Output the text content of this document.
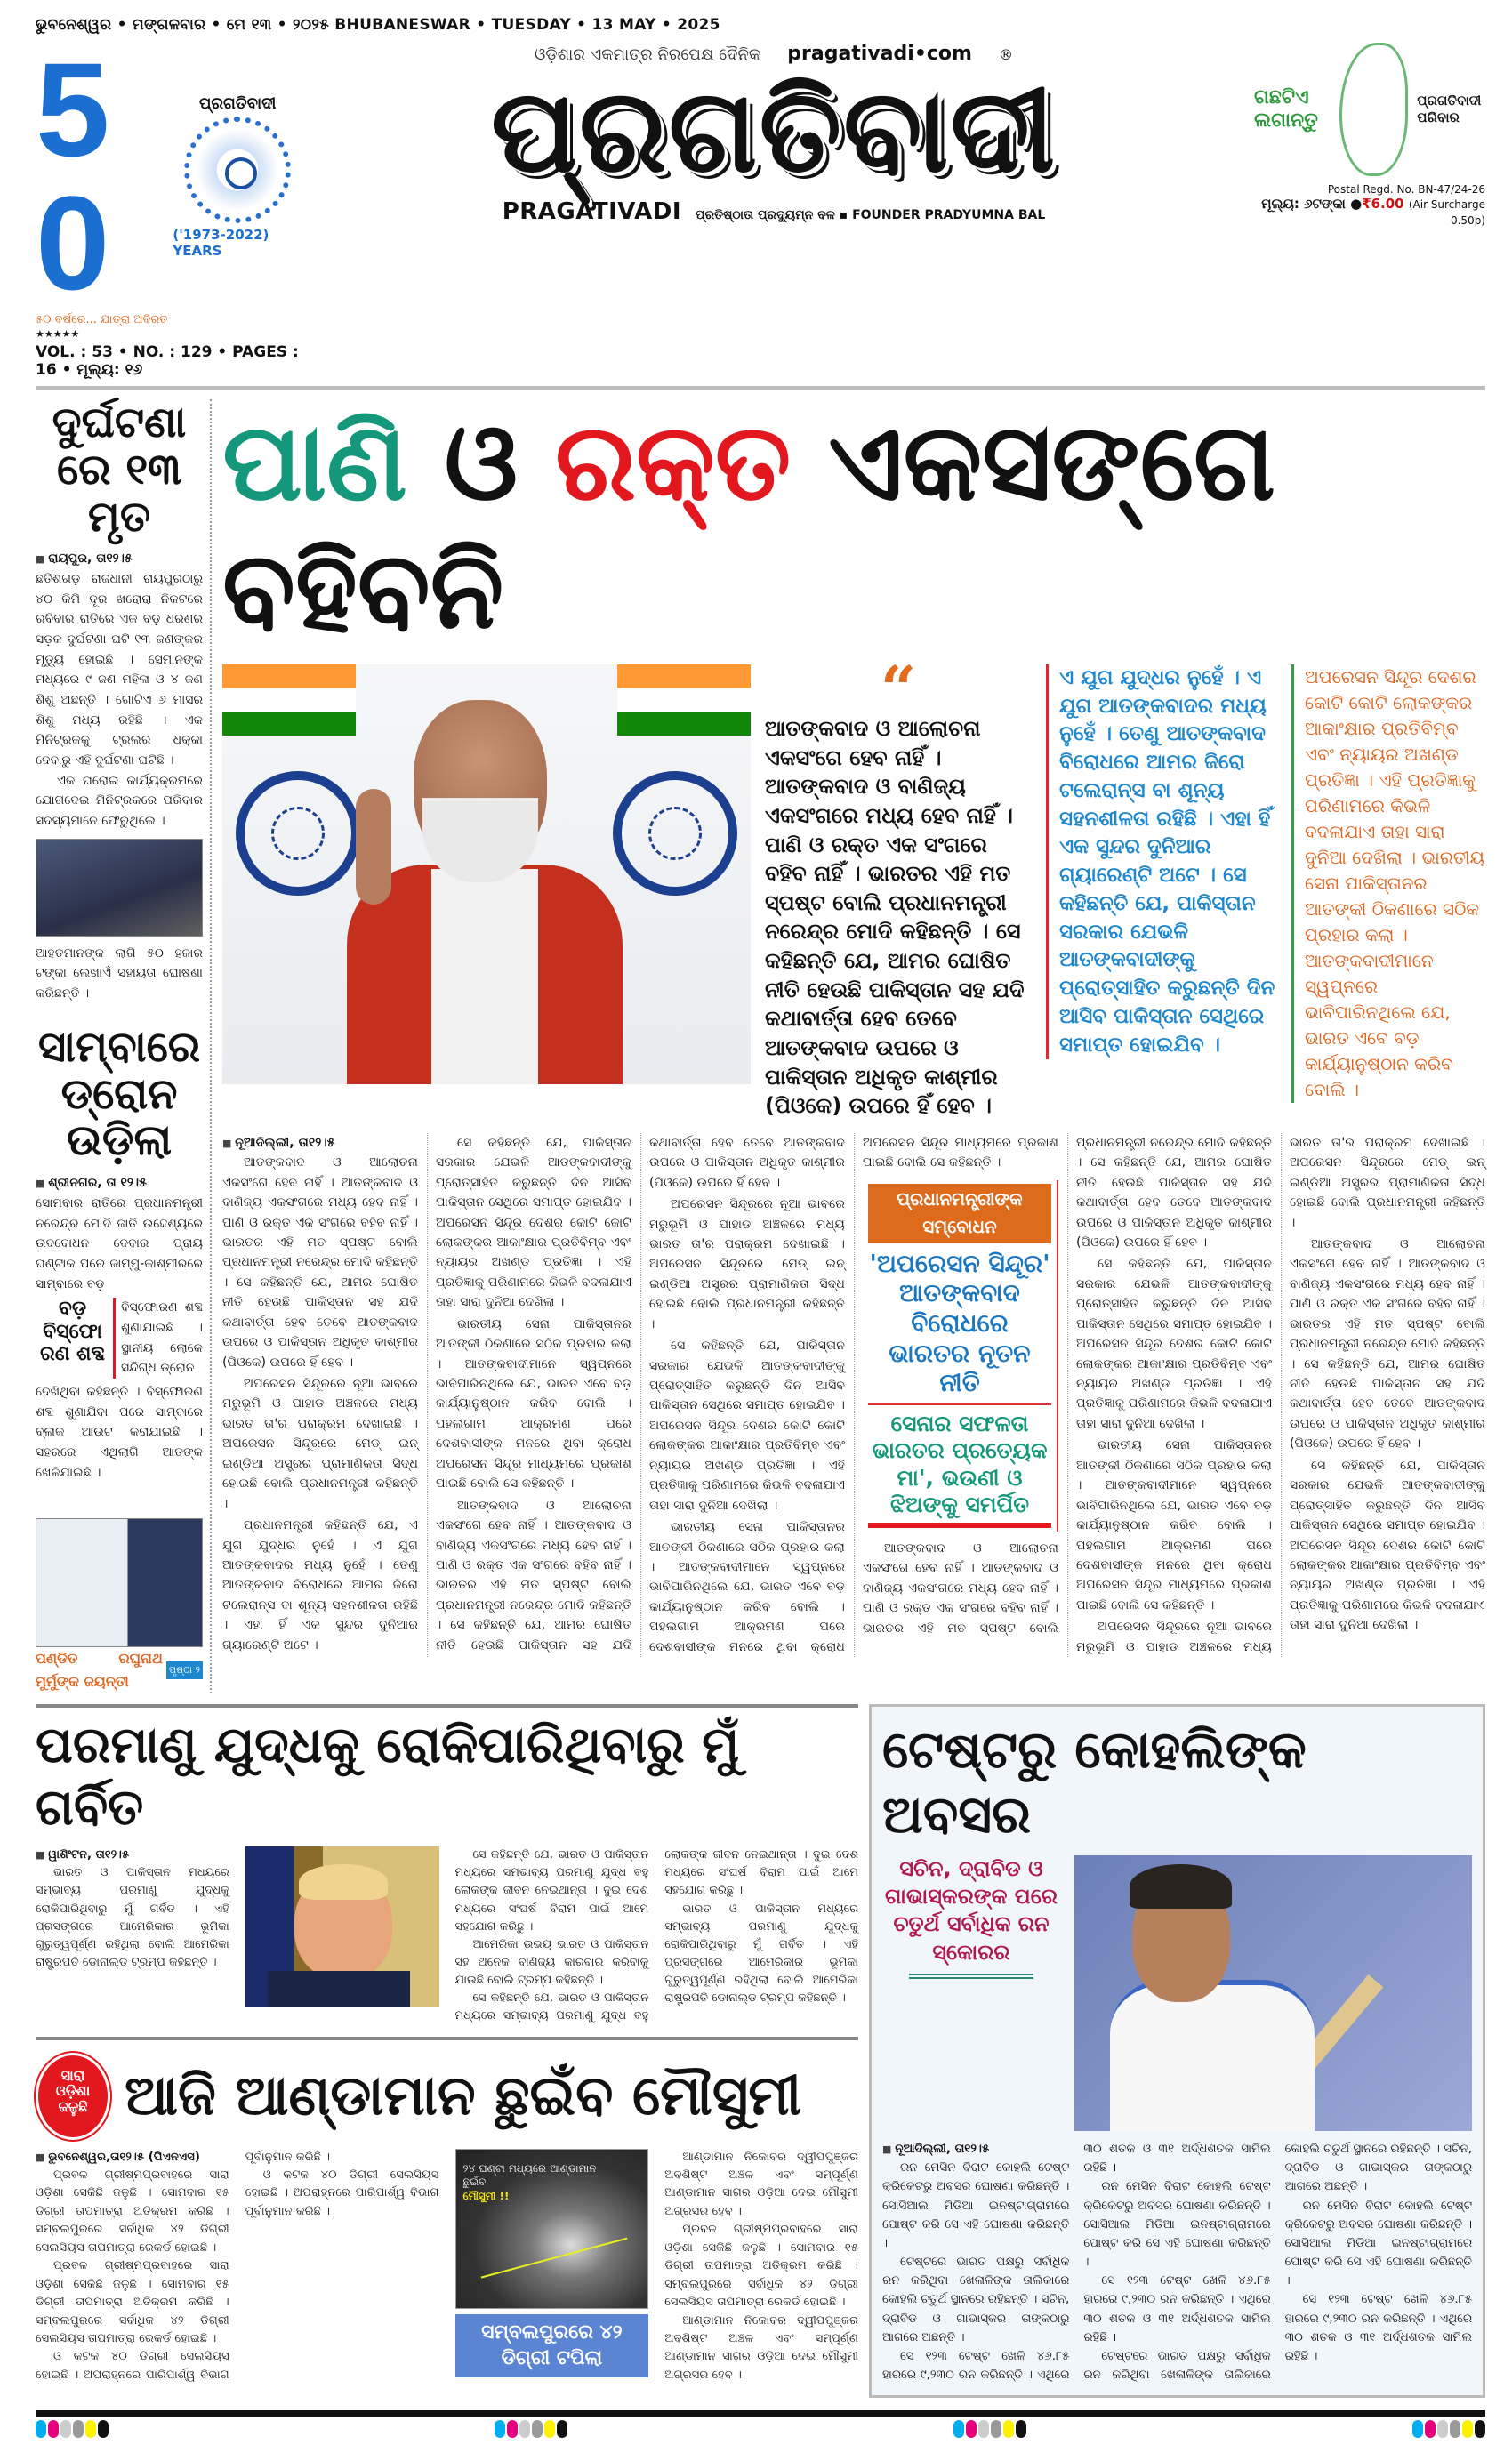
ଭୁବନେଶ୍ୱର • ମଙ୍ଗଳବାର • ମେ ୧୩ • ୨୦୨୫ BHUBANESWAR • TUESDAY • 13 MAY • 2025
50
ପ୍ରଗତିବାଦୀ
('1973-2022) YEARS
୫୦ ବର୍ଷରେ... ଯାତ୍ରା ଅବିରତ
★★★★★
VOL. : 53 • NO. : 129 • PAGES : 16 • ମୂଲ୍ୟ: ୧୬
ଓଡ଼ିଶାର ଏକମାତ୍ର ନିରପେକ୍ଷ ଦୈନିକ pragativadi•com ®
ପ୍ରଗତିବାଦୀ
PRAGATIVADI ପ୍ରତିଷ୍ଠାତା ପ୍ରଦ୍ୟୁମ୍ନ ବଳ ▪ FOUNDER PRADYUMNA BAL
ଗଛଟିଏ ଲଗାନ୍ତୁ
ପ୍ରଗତିବାଦୀ ପରିବାର
Postal Regd. No. BN-47/24-26
ମୂଲ୍ୟ: ୬ଟଙ୍କା ●₹6.00 (Air Surcharge 0.50p)
ଦୁର୍ଘଟଣାରେ ୧୩ ମୃତ
■ ରାୟପୁର, ତା୧୨।୫

ଛତିଶଗଡ଼ ରାଜଧାନୀ ରାୟପୁରଠାରୁ ୪୦ କିମି ଦୂର ଖରୋରା ନିକଟରେ ରବିବାର ରାତିରେ ଏକ ବଡ଼ ଧରଣର ସଡ଼କ ଦୁର୍ଘଟଣା ଘଟି ୧୩ ଜଣଙ୍କର ମୃତ୍ୟୁ ହୋଇଛି । ସେମାନଙ୍କ ମଧ୍ୟରେ ୯ ଜଣ ମହିଳା ଓ ୪ ଜଣ ଶିଶୁ ଅଛନ୍ତି । ଗୋଟିଏ ୬ ମାସର ଶିଶୁ ମଧ୍ୟ ରହିଛି । ଏକ ମିନିଟ୍ରକକୁ ଟ୍ରଲର ଧକ୍କା ଦେବାରୁ ଏହି ଦୁର୍ଘଟଣା ଘଟିଛି ।

ଏକ ଘରୋଇ କାର୍ଯ୍ୟକ୍ରମରେ ଯୋଗଦେଇ ମିନିଟ୍ରକରେ ପରିବାର ସଦସ୍ୟମାନେ ଫେରୁଥିଲେ ।

ଆହତମାନଙ୍କ ଲାଗି ୫୦ ହଜାର ଟଙ୍କା ଲେଖାଏଁ ସହାୟତା ଘୋଷଣା କରିଛନ୍ତି ।

ସାମ୍ବାରେ ଡ୍ରୋନ ଉଡ଼ିଲା
■ ଶ୍ରୀନଗର, ତା ୧୨।୫

ସୋମବାର ରାତିରେ ପ୍ରଧାନମନ୍ତ୍ରୀ ନରେନ୍ଦ୍ର ମୋଦି ଜାତି ଉଦ୍ଦେଶ୍ୟରେ ଉଦବୋଧନ ଦେବାର ପ୍ରାୟ ଘଣ୍ଟାକ ପରେ ଜାମ୍ମୁ-କାଶ୍ମୀରରେ ସାମ୍ବାରେ ବଡ଼

ବଡ଼ ବିସ୍ଫୋରଣ ଶବ୍ଦ
ବିସ୍ଫୋରଣ ଶବ୍ଦ ଶୁଣାଯାଇଛି । ସ୍ଥାନୀୟ ଲୋକେ ସନ୍ଦିଗ୍ଧ ଡ୍ରୋନ

ଦେଖିଥିବା କହିଛନ୍ତି । ବିସ୍ଫୋରଣ ଶବ୍ଦ ଶୁଣାଯିବା ପରେ ସାମ୍ବାରେ ବ୍ଲାକ ଆଉଟ କରାଯାଇଛି । ସହରରେ ଏଥିଲାଗି ଆତଙ୍କ ଖେଳିଯାଇଛି ।

ପଣ୍ଡିତ ରଘୁନାଥ ମୁର୍ମୁଙ୍କ ଜୟନ୍ତୀ
ପୃଷ୍ଠା ୨
ପାଣି ଓ ରକ୍ତ ଏକସଙ୍ଗେ ବହିବନି
“
ଆତଙ୍କବାଦ ଓ ଆଲୋଚନା ଏକସଂଗେ ହେବ ନାହିଁ । ଆତଙ୍କବାଦ ଓ ବାଣିଜ୍ୟ ଏକସଂଗରେ ମଧ୍ୟ ହେବ ନାହିଁ । ପାଣି ଓ ରକ୍ତ ଏକ ସଂଗରେ ବହିବ ନାହିଁ । ଭାରତର ଏହି ମତ ସ୍ପଷ୍ଟ ବୋଲି ପ୍ରଧାନମନ୍ତ୍ରୀ ନରେନ୍ଦ୍ର ମୋଦି କହିଛନ୍ତି । ସେ କହିଛନ୍ତି ଯେ, ଆମର ଘୋଷିତ ନୀତି ହେଉଛି ପାକିସ୍ତାନ ସହ ଯଦି କଥାବାର୍ତ୍ତା ହେବ ତେବେ ଆତଙ୍କବାଦ ଉପରେ ଓ ପାକିସ୍ତାନ ଅଧିକୃତ କାଶ୍ମୀର (ପିଓକେ) ଉପରେ ହିଁ ହେବ ।
ଏ ଯୁଗ ଯୁଦ୍ଧର ନୁହେଁ । ଏ ଯୁଗ ଆତଙ୍କବାଦର ମଧ୍ୟ ନୁହେଁ । ତେଣୁ ଆତଙ୍କବାଦ ବିରୋଧରେ ଆମର ଜିରୋ ଟଲେରାନ୍ସ ବା ଶୂନ୍ୟ ସହନଶୀଳତା ରହିଛି । ଏହା ହିଁ ଏକ ସୁନ୍ଦର ଦୁନିଆର ଗ୍ୟାରେଣ୍ଟି ଅଟେ । ସେ କହିଛନ୍ତି ଯେ, ପାକିସ୍ତାନ ସରକାର ଯେଭଳି ଆତଙ୍କବାଦୀଙ୍କୁ ପ୍ରୋତ୍ସାହିତ କରୁଛନ୍ତି ଦିନ ଆସିବ ପାକିସ୍ତାନ ସେଥିରେ ସମାପ୍ତ ହୋଇଯିବ ।
ଅପରେସନ ସିନ୍ଦୂର ଦେଶର କୋଟି କୋଟି ଲୋକଙ୍କର ଆକାଂକ୍ଷାର ପ୍ରତିବିମ୍ବ ଏବଂ ନ୍ୟାୟର ଅଖଣ୍ଡ ପ୍ରତିଜ୍ଞା । ଏହି ପ୍ରତିଜ୍ଞାକୁ ପରିଣାମରେ କିଭଳି ବଦଳାଯାଏ ତାହା ସାରା ଦୁନିଆ ଦେଖିଲା । ଭାରତୀୟ ସେନା ପାକିସ୍ତାନର ଆତଙ୍କୀ ଠିକଣାରେ ସଠିକ ପ୍ରହାର କଲା । ଆତଙ୍କବାଦୀମାନେ ସ୍ୱପ୍ନରେ ଭାବିପାରିନଥିଲେ ଯେ, ଭାରତ ଏବେ ବଡ଼ କାର୍ଯ୍ୟାନୁଷ୍ଠାନ କରିବ ବୋଲି ।
■ ନୂଆଦିଲ୍ଲୀ, ତା୧୨।୫

ଆତଙ୍କବାଦ ଓ ଆଲୋଚନା ଏକସଂଗେ ହେବ ନାହିଁ । ଆତଙ୍କବାଦ ଓ ବାଣିଜ୍ୟ ଏକସଂଗରେ ମଧ୍ୟ ହେବ ନାହିଁ । ପାଣି ଓ ରକ୍ତ ଏକ ସଂଗରେ ବହିବ ନାହିଁ । ଭାରତର ଏହି ମତ ସ୍ପଷ୍ଟ ବୋଲି ପ୍ରଧାନମନ୍ତ୍ରୀ ନରେନ୍ଦ୍ର ମୋଦି କହିଛନ୍ତି । ସେ କହିଛନ୍ତି ଯେ, ଆମର ଘୋଷିତ ନୀତି ହେଉଛି ପାକିସ୍ତାନ ସହ ଯଦି କଥାବାର୍ତ୍ତା ହେବ ତେବେ ଆତଙ୍କବାଦ ଉପରେ ଓ ପାକିସ୍ତାନ ଅଧିକୃତ କାଶ୍ମୀର (ପିଓକେ) ଉପରେ ହିଁ ହେବ ।

ଅପରେସନ ସିନ୍ଦୂରରେ ନୂଆ ଭାବରେ ମରୁଭୂମି ଓ ପାହାଡ ଅଞ୍ଚଳରେ ମଧ୍ୟ ଭାରତ ତା'ର ପରାକ୍ରମ ଦେଖାଇଛି । ଅପରେସନ ସିନ୍ଦୂରରେ ମେଡ୍ ଇନ୍ ଇଣ୍ଡିଆ ଅସ୍ତ୍ରର ପ୍ରାମାଣିକତା ସିଦ୍ଧ ହୋଇଛି ବୋଲି ପ୍ରଧାନମନ୍ତ୍ରୀ କହିଛନ୍ତି ।

ପ୍ରଧାନମନ୍ତ୍ରୀ କହିଛନ୍ତି ଯେ, ଏ ଯୁଗ ଯୁଦ୍ଧର ନୁହେଁ । ଏ ଯୁଗ ଆତଙ୍କବାଦର ମଧ୍ୟ ନୁହେଁ । ତେଣୁ ଆତଙ୍କବାଦ ବିରୋଧରେ ଆମର ଜିରୋ ଟଲେରାନ୍ସ ବା ଶୂନ୍ୟ ସହନଶୀଳତା ରହିଛି । ଏହା ହିଁ ଏକ ସୁନ୍ଦର ଦୁନିଆର ଗ୍ୟାରେଣ୍ଟି ଅଟେ ।

ସେ କହିଛନ୍ତି ଯେ, ପାକିସ୍ତାନ ସରକାର ଯେଭଳି ଆତଙ୍କବାଦୀଙ୍କୁ ପ୍ରୋତ୍ସାହିତ କରୁଛନ୍ତି ଦିନ ଆସିବ ପାକିସ୍ତାନ ସେଥିରେ ସମାପ୍ତ ହୋଇଯିବ । ଅପରେସନ ସିନ୍ଦୂର ଦେଶର କୋଟି କୋଟି ଲୋକଙ୍କର ଆକାଂକ୍ଷାର ପ୍ରତିବିମ୍ବ ଏବଂ ନ୍ୟାୟର ଅଖଣ୍ଡ ପ୍ରତିଜ୍ଞା । ଏହି ପ୍ରତିଜ୍ଞାକୁ ପରିଣାମରେ କିଭଳି ବଦଳାଯାଏ ତାହା ସାରା ଦୁନିଆ ଦେଖିଲା ।

ଭାରତୀୟ ସେନା ପାକିସ୍ତାନର ଆତଙ୍କୀ ଠିକଣାରେ ସଠିକ ପ୍ରହାର କଲା । ଆତଙ୍କବାଦୀମାନେ ସ୍ୱପ୍ନରେ ଭାବିପାରିନଥିଲେ ଯେ, ଭାରତ ଏବେ ବଡ଼ କାର୍ଯ୍ୟାନୁଷ୍ଠାନ କରିବ ବୋଲି । ପହଲଗାମ ଆକ୍ରମଣ ପରେ ଦେଶବାସୀଙ୍କ ମନରେ ଥିବା କ୍ରୋଧ ଅପରେସନ ସିନ୍ଦୂର ମାଧ୍ୟମରେ ପ୍ରକାଶ ପାଇଛି ବୋଲି ସେ କହିଛନ୍ତି ।

ଆତଙ୍କବାଦ ଓ ଆଲୋଚନା ଏକସଂଗେ ହେବ ନାହିଁ । ଆତଙ୍କବାଦ ଓ ବାଣିଜ୍ୟ ଏକସଂଗରେ ମଧ୍ୟ ହେବ ନାହିଁ । ପାଣି ଓ ରକ୍ତ ଏକ ସଂଗରେ ବହିବ ନାହିଁ । ଭାରତର ଏହି ମତ ସ୍ପଷ୍ଟ ବୋଲି ପ୍ରଧାନମନ୍ତ୍ରୀ ନରେନ୍ଦ୍ର ମୋଦି କହିଛନ୍ତି । ସେ କହିଛନ୍ତି ଯେ, ଆମର ଘୋଷିତ ନୀତି ହେଉଛି ପାକିସ୍ତାନ ସହ ଯଦି କଥାବାର୍ତ୍ତା ହେବ ତେବେ ଆତଙ୍କବାଦ ଉପରେ ଓ ପାକିସ୍ତାନ ଅଧିକୃତ କାଶ୍ମୀର (ପିଓକେ) ଉପରେ ହିଁ ହେବ ।

ଅପରେସନ ସିନ୍ଦୂରରେ ନୂଆ ଭାବରେ ମରୁଭୂମି ଓ ପାହାଡ ଅଞ୍ଚଳରେ ମଧ୍ୟ ଭାରତ ତା'ର ପରାକ୍ରମ ଦେଖାଇଛି । ଅପରେସନ ସିନ୍ଦୂରରେ ମେଡ୍ ଇନ୍ ଇଣ୍ଡିଆ ଅସ୍ତ୍ରର ପ୍ରାମାଣିକତା ସିଦ୍ଧ ହୋଇଛି ବୋଲି ପ୍ରଧାନମନ୍ତ୍ରୀ କହିଛନ୍ତି ।

ସେ କହିଛନ୍ତି ଯେ, ପାକିସ୍ତାନ ସରକାର ଯେଭଳି ଆତଙ୍କବାଦୀଙ୍କୁ ପ୍ରୋତ୍ସାହିତ କରୁଛନ୍ତି ଦିନ ଆସିବ ପାକିସ୍ତାନ ସେଥିରେ ସମାପ୍ତ ହୋଇଯିବ । ଅପରେସନ ସିନ୍ଦୂର ଦେଶର କୋଟି କୋଟି ଲୋକଙ୍କର ଆକାଂକ୍ଷାର ପ୍ରତିବିମ୍ବ ଏବଂ ନ୍ୟାୟର ଅଖଣ୍ଡ ପ୍ରତିଜ୍ଞା । ଏହି ପ୍ରତିଜ୍ଞାକୁ ପରିଣାମରେ କିଭଳି ବଦଳାଯାଏ ତାହା ସାରା ଦୁନିଆ ଦେଖିଲା ।

ଭାରତୀୟ ସେନା ପାକିସ୍ତାନର ଆତଙ୍କୀ ଠିକଣାରେ ସଠିକ ପ୍ରହାର କଲା । ଆତଙ୍କବାଦୀମାନେ ସ୍ୱପ୍ନରେ ଭାବିପାରିନଥିଲେ ଯେ, ଭାରତ ଏବେ ବଡ଼ କାର୍ଯ୍ୟାନୁଷ୍ଠାନ କରିବ ବୋଲି । ପହଲଗାମ ଆକ୍ରମଣ ପରେ ଦେଶବାସୀଙ୍କ ମନରେ ଥିବା କ୍ରୋଧ ଅପରେସନ ସିନ୍ଦୂର ମାଧ୍ୟମରେ ପ୍ରକାଶ ପାଇଛି ବୋଲି ସେ କହିଛନ୍ତି ।

ପ୍ରଧାନମନ୍ତ୍ରୀଙ୍କ ସମ୍ବୋଧନ
'ଅପରେସନ ସିନ୍ଦୂର' ଆତଙ୍କବାଦ ବିରୋଧରେ ଭାରତର ନୂତନ ନୀତି
ସେନାର ସଫଳତା ଭାରତର ପ୍ରତ୍ୟେକ ମା', ଭଉଣୀ ଓ ଝିଅଙ୍କୁ ସମର୍ପିତ

ଆତଙ୍କବାଦ ଓ ଆଲୋଚନା ଏକସଂଗେ ହେବ ନାହିଁ । ଆତଙ୍କବାଦ ଓ ବାଣିଜ୍ୟ ଏକସଂଗରେ ମଧ୍ୟ ହେବ ନାହିଁ । ପାଣି ଓ ରକ୍ତ ଏକ ସଂଗରେ ବହିବ ନାହିଁ । ଭାରତର ଏହି ମତ ସ୍ପଷ୍ଟ ବୋଲି ପ୍ରଧାନମନ୍ତ୍ରୀ ନରେନ୍ଦ୍ର ମୋଦି କହିଛନ୍ତି । ସେ କହିଛନ୍ତି ଯେ, ଆମର ଘୋଷିତ ନୀତି ହେଉଛି ପାକିସ୍ତାନ ସହ ଯଦି କଥାବାର୍ତ୍ତା ହେବ ତେବେ ଆତଙ୍କବାଦ ଉପରେ ଓ ପାକିସ୍ତାନ ଅଧିକୃତ କାଶ୍ମୀର (ପିଓକେ) ଉପରେ ହିଁ ହେବ ।

ସେ କହିଛନ୍ତି ଯେ, ପାକିସ୍ତାନ ସରକାର ଯେଭଳି ଆତଙ୍କବାଦୀଙ୍କୁ ପ୍ରୋତ୍ସାହିତ କରୁଛନ୍ତି ଦିନ ଆସିବ ପାକିସ୍ତାନ ସେଥିରେ ସମାପ୍ତ ହୋଇଯିବ । ଅପରେସନ ସିନ୍ଦୂର ଦେଶର କୋଟି କୋଟି ଲୋକଙ୍କର ଆକାଂକ୍ଷାର ପ୍ରତିବିମ୍ବ ଏବଂ ନ୍ୟାୟର ଅଖଣ୍ଡ ପ୍ରତିଜ୍ଞା । ଏହି ପ୍ରତିଜ୍ଞାକୁ ପରିଣାମରେ କିଭଳି ବଦଳାଯାଏ ତାହା ସାରା ଦୁନିଆ ଦେଖିଲା ।

ଭାରତୀୟ ସେନା ପାକିସ୍ତାନର ଆତଙ୍କୀ ଠିକଣାରେ ସଠିକ ପ୍ରହାର କଲା । ଆତଙ୍କବାଦୀମାନେ ସ୍ୱପ୍ନରେ ଭାବିପାରିନଥିଲେ ଯେ, ଭାରତ ଏବେ ବଡ଼ କାର୍ଯ୍ୟାନୁଷ୍ଠାନ କରିବ ବୋଲି । ପହଲଗାମ ଆକ୍ରମଣ ପରେ ଦେଶବାସୀଙ୍କ ମନରେ ଥିବା କ୍ରୋଧ ଅପରେସନ ସିନ୍ଦୂର ମାଧ୍ୟମରେ ପ୍ରକାଶ ପାଇଛି ବୋଲି ସେ କହିଛନ୍ତି ।

ଅପରେସନ ସିନ୍ଦୂରରେ ନୂଆ ଭାବରେ ମରୁଭୂମି ଓ ପାହାଡ ଅଞ୍ଚଳରେ ମଧ୍ୟ ଭାରତ ତା'ର ପରାକ୍ରମ ଦେଖାଇଛି । ଅପରେସନ ସିନ୍ଦୂରରେ ମେଡ୍ ଇନ୍ ଇଣ୍ଡିଆ ଅସ୍ତ୍ରର ପ୍ରାମାଣିକତା ସିଦ୍ଧ ହୋଇଛି ବୋଲି ପ୍ରଧାନମନ୍ତ୍ରୀ କହିଛନ୍ତି ।

ଆତଙ୍କବାଦ ଓ ଆଲୋଚନା ଏକସଂଗେ ହେବ ନାହିଁ । ଆତଙ୍କବାଦ ଓ ବାଣିଜ୍ୟ ଏକସଂଗରେ ମଧ୍ୟ ହେବ ନାହିଁ । ପାଣି ଓ ରକ୍ତ ଏକ ସଂଗରେ ବହିବ ନାହିଁ । ଭାରତର ଏହି ମତ ସ୍ପଷ୍ଟ ବୋଲି ପ୍ରଧାନମନ୍ତ୍ରୀ ନରେନ୍ଦ୍ର ମୋଦି କହିଛନ୍ତି । ସେ କହିଛନ୍ତି ଯେ, ଆମର ଘୋଷିତ ନୀତି ହେଉଛି ପାକିସ୍ତାନ ସହ ଯଦି କଥାବାର୍ତ୍ତା ହେବ ତେବେ ଆତଙ୍କବାଦ ଉପରେ ଓ ପାକିସ୍ତାନ ଅଧିକୃତ କାଶ୍ମୀର (ପିଓକେ) ଉପରେ ହିଁ ହେବ ।

ସେ କହିଛନ୍ତି ଯେ, ପାକିସ୍ତାନ ସରକାର ଯେଭଳି ଆତଙ୍କବାଦୀଙ୍କୁ ପ୍ରୋତ୍ସାହିତ କରୁଛନ୍ତି ଦିନ ଆସିବ ପାକିସ୍ତାନ ସେଥିରେ ସମାପ୍ତ ହୋଇଯିବ । ଅପରେସନ ସିନ୍ଦୂର ଦେଶର କୋଟି କୋଟି ଲୋକଙ୍କର ଆକାଂକ୍ଷାର ପ୍ରତିବିମ୍ବ ଏବଂ ନ୍ୟାୟର ଅଖଣ୍ଡ ପ୍ରତିଜ୍ଞା । ଏହି ପ୍ରତିଜ୍ଞାକୁ ପରିଣାମରେ କିଭଳି ବଦଳାଯାଏ ତାହା ସାରା ଦୁନିଆ ଦେଖିଲା ।

ପରମାଣୁ ଯୁଦ୍ଧକୁ ରୋକିପାରିଥିବାରୁ ମୁଁ ଗର୍ବିତ
■ ୱାଶିଂଟନ, ତା୧୨।୫

ଭାରତ ଓ ପାକିସ୍ତାନ ମଧ୍ୟରେ ସମ୍ଭାବ୍ୟ ପରମାଣୁ ଯୁଦ୍ଧକୁ ରୋକିପାରିଥିବାରୁ ମୁଁ ଗର୍ବିତ । ଏହି ପ୍ରସଙ୍ଗରେ ଆମେରିକାର ଭୂମିକା ଗୁରୁତ୍ୱପୂର୍ଣ୍ଣ ରହିଥିଲା ବୋଲି ଆମେରିକା ରାଷ୍ଟ୍ରପତି ଡୋନାଲ୍ଡ ଟ୍ରମ୍ପ କହିଛନ୍ତି ।

ସେ କହିଛନ୍ତି ଯେ, ଭାରତ ଓ ପାକିସ୍ତାନ ମଧ୍ୟରେ ସମ୍ଭାବ୍ୟ ପରମାଣୁ ଯୁଦ୍ଧ ବହୁ ଲୋକଙ୍କ ଜୀବନ ନେଇଥାନ୍ତା । ଦୁଇ ଦେଶ ମଧ୍ୟରେ ସଂଘର୍ଷ ବିରାମ ପାଇଁ ଆମେ ସହଯୋଗ କରିଛୁ ।

ଆମେରିକା ଉଭୟ ଭାରତ ଓ ପାକିସ୍ତାନ ସହ ଅନେକ ବାଣିଜ୍ୟ କାରବାର କରିବାକୁ ଯାଉଛି ବୋଲି ଟ୍ରମ୍ପ କହିଛନ୍ତି ।

ସେ କହିଛନ୍ତି ଯେ, ଭାରତ ଓ ପାକିସ୍ତାନ ମଧ୍ୟରେ ସମ୍ଭାବ୍ୟ ପରମାଣୁ ଯୁଦ୍ଧ ବହୁ ଲୋକଙ୍କ ଜୀବନ ନେଇଥାନ୍ତା । ଦୁଇ ଦେଶ ମଧ୍ୟରେ ସଂଘର୍ଷ ବିରାମ ପାଇଁ ଆମେ ସହଯୋଗ କରିଛୁ ।

ଭାରତ ଓ ପାକିସ୍ତାନ ମଧ୍ୟରେ ସମ୍ଭାବ୍ୟ ପରମାଣୁ ଯୁଦ୍ଧକୁ ରୋକିପାରିଥିବାରୁ ମୁଁ ଗର୍ବିତ । ଏହି ପ୍ରସଙ୍ଗରେ ଆମେରିକାର ଭୂମିକା ଗୁରୁତ୍ୱପୂର୍ଣ୍ଣ ରହିଥିଲା ବୋଲି ଆମେରିକା ରାଷ୍ଟ୍ରପତି ଡୋନାଲ୍ଡ ଟ୍ରମ୍ପ କହିଛନ୍ତି ।

ସାରା ଓଡ଼ିଶା ଜଳୁଛି ଆଜି ଆଣ୍ଡାମାନ ଛୁଇଁବ ମୌସୁମୀ
■ ଭୁବନେଶ୍ୱର,ତା୧୨।୫ (ପିଏନଏସ)

ପ୍ରବଳ ଗ୍ରୀଷ୍ମପ୍ରବାହରେ ସାରା ଓଡ଼ିଶା ସେକିଛି ଜଳୁଛି । ସୋମବାର ୧୫ ଡିଗ୍ରୀ ତାପମାତ୍ରା ଅତିକ୍ରମ କରିଛି । ସମ୍ବଲପୁରରେ ସର୍ବାଧିକ ୪୨ ଡିଗ୍ରୀ ସେଲସିୟସ ତାପମାତ୍ରା ରେକର୍ଡ ହୋଇଛି ।

ପ୍ରବଳ ଗ୍ରୀଷ୍ମପ୍ରବାହରେ ସାରା ଓଡ଼ିଶା ସେକିଛି ଜଳୁଛି । ସୋମବାର ୧୫ ଡିଗ୍ରୀ ତାପମାତ୍ରା ଅତିକ୍ରମ କରିଛି । ସମ୍ବଲପୁରରେ ସର୍ବାଧିକ ୪୨ ଡିଗ୍ରୀ ସେଲସିୟସ ତାପମାତ୍ରା ରେକର୍ଡ ହୋଇଛି ।

ଓ କଟକ ୪୦ ଡିଗ୍ରୀ ସେଲସିୟସ ହୋଇଛି । ଅପରାହ୍ନରେ ପାରିପାର୍ଶ୍ୱ ବିଭାଗ ପୂର୍ବାନୁମାନ କରିଛି ।

ଓ କଟକ ୪୦ ଡିଗ୍ରୀ ସେଲସିୟସ ହୋଇଛି । ଅପରାହ୍ନରେ ପାରିପାର୍ଶ୍ୱ ବିଭାଗ ପୂର୍ବାନୁମାନ କରିଛି ।

୨୪ ଘଣ୍ଟା ମଧ୍ୟରେ ଆଣ୍ଡାମାନ ଛୁଇଁବ
ମୌସୁମୀ !!
ସମ୍ବଲପୁରରେ ୪୨ ଡିଗ୍ରୀ ଟପିଲା

ଆଣ୍ଡାମାନ ନିକୋବର ଦ୍ୱୀପପୁଞ୍ଜର ଅବଶିଷ୍ଟ ଅଞ୍ଚଳ ଏବଂ ସମ୍ପୂର୍ଣ୍ଣ ଆଣ୍ଡାମାନ ସାଗର ଓଡ଼ିଆ ଦେଇ ମୌସୁମୀ ଅଗ୍ରସର ହେବ ।

ପ୍ରବଳ ଗ୍ରୀଷ୍ମପ୍ରବାହରେ ସାରା ଓଡ଼ିଶା ସେକିଛି ଜଳୁଛି । ସୋମବାର ୧୫ ଡିଗ୍ରୀ ତାପମାତ୍ରା ଅତିକ୍ରମ କରିଛି । ସମ୍ବଲପୁରରେ ସର୍ବାଧିକ ୪୨ ଡିଗ୍ରୀ ସେଲସିୟସ ତାପମାତ୍ରା ରେକର୍ଡ ହୋଇଛି ।

ଆଣ୍ଡାମାନ ନିକୋବର ଦ୍ୱୀପପୁଞ୍ଜର ଅବଶିଷ୍ଟ ଅଞ୍ଚଳ ଏବଂ ସମ୍ପୂର୍ଣ୍ଣ ଆଣ୍ଡାମାନ ସାଗର ଓଡ଼ିଆ ଦେଇ ମୌସୁମୀ ଅଗ୍ରସର ହେବ ।

ଟେଷ୍ଟରୁ କୋହଲିଙ୍କ ଅବସର
ସଚିନ, ଦ୍ରାବିଡ ଓ ଗାଭାସ୍କରଙ୍କ ପରେ ଚତୁର୍ଥ ସର୍ବାଧିକ ରନ ସ୍କୋରର
■ ନୂଆଦିଲ୍ଲୀ, ତା୧୨।୫

ରନ ମେସିନ ବିରାଟ କୋହଲି ଟେଷ୍ଟ କ୍ରିକେଟରୁ ଅବସର ଘୋଷଣା କରିଛନ୍ତି । ସୋସିଆଲ ମିଡିଆ ଇନଷ୍ଟାଗ୍ରାମରେ ପୋଷ୍ଟ କରି ସେ ଏହି ଘୋଷଣା କରିଛନ୍ତି ।

ଟେଷ୍ଟରେ ଭାରତ ପକ୍ଷରୁ ସର୍ବାଧିକ ରନ କରିଥିବା ଖେଳାଳିଙ୍କ ତାଲିକାରେ କୋହଲି ଚତୁର୍ଥ ସ୍ଥାନରେ ରହିଛନ୍ତି । ସଚିନ, ଦ୍ରାବିଡ ଓ ଗାଭାସ୍କର ତାଙ୍କଠାରୁ ଆଗରେ ଅଛନ୍ତି ।

ସେ ୧୨୩ ଟେଷ୍ଟ ଖେଳି ୪୬.୮୫ ହାରରେ ୯,୨୩୦ ରନ କରିଛନ୍ତି । ଏଥିରେ ୩୦ ଶତକ ଓ ୩୧ ଅର୍ଦ୍ଧଶତକ ସାମିଲ ରହିଛି ।

ରନ ମେସିନ ବିରାଟ କୋହଲି ଟେଷ୍ଟ କ୍ରିକେଟରୁ ଅବସର ଘୋଷଣା କରିଛନ୍ତି । ସୋସିଆଲ ମିଡିଆ ଇନଷ୍ଟାଗ୍ରାମରେ ପୋଷ୍ଟ କରି ସେ ଏହି ଘୋଷଣା କରିଛନ୍ତି ।

ସେ ୧୨୩ ଟେଷ୍ଟ ଖେଳି ୪୬.୮୫ ହାରରେ ୯,୨୩୦ ରନ କରିଛନ୍ତି । ଏଥିରେ ୩୦ ଶତକ ଓ ୩୧ ଅର୍ଦ୍ଧଶତକ ସାମିଲ ରହିଛି ।

ଟେଷ୍ଟରେ ଭାରତ ପକ୍ଷରୁ ସର୍ବାଧିକ ରନ କରିଥିବା ଖେଳାଳିଙ୍କ ତାଲିକାରେ କୋହଲି ଚତୁର୍ଥ ସ୍ଥାନରେ ରହିଛନ୍ତି । ସଚିନ, ଦ୍ରାବିଡ ଓ ଗାଭାସ୍କର ତାଙ୍କଠାରୁ ଆଗରେ ଅଛନ୍ତି ।

ରନ ମେସିନ ବିରାଟ କୋହଲି ଟେଷ୍ଟ କ୍ରିକେଟରୁ ଅବସର ଘୋଷଣା କରିଛନ୍ତି । ସୋସିଆଲ ମିଡିଆ ଇନଷ୍ଟାଗ୍ରାମରେ ପୋଷ୍ଟ କରି ସେ ଏହି ଘୋଷଣା କରିଛନ୍ତି ।

ସେ ୧୨୩ ଟେଷ୍ଟ ଖେଳି ୪୬.୮୫ ହାରରେ ୯,୨୩୦ ରନ କରିଛନ୍ତି । ଏଥିରେ ୩୦ ଶତକ ଓ ୩୧ ଅର୍ଦ୍ଧଶତକ ସାମିଲ ରହିଛି ।
